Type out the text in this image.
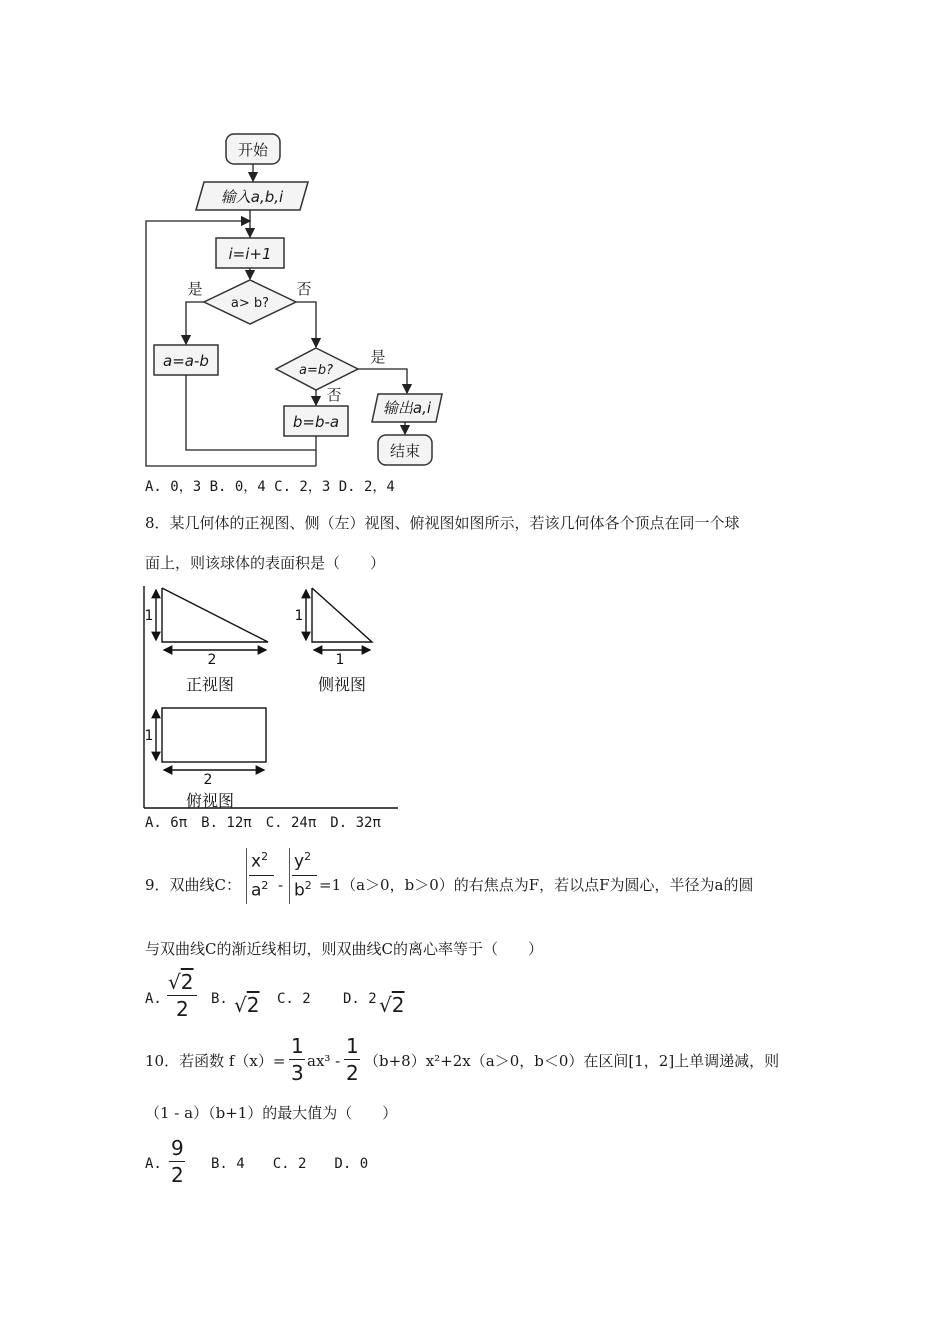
开始
输入a,b,i
i=i+1
a> b?
是	否
a=a-b
a=b?
是
否
b=b-a
输出a,i
结束
A. 0，3 B. 0，4 C. 2，3 D. 2，4
8．某几何体的正视图、侧（左）视图、俯视图如图所示，若该几何体各个顶点在同一个球
面上，则该球体的表面积是（　　）
1
2
1
1
1
2
正视图	侧视图
俯视图
A. 6π　B. 12π　C. 24π　D. 32π
9．双曲线C：
$x^2$
$a^2$ -
$y^2$
$b^2 =1(a>0$，b＞0）的右焦点为F，若以点F为圆心，半径为a的圆
与双曲线C的渐近线相切，则双曲线C的离心率等于（　　）
A.
√2
2 B. √2 C. 2 D. 2 √2
10．若函数 f（x）=
1
3 ax³ -
1
2 （b+8）x²+2x（a＞0，b＜0）在区间[1，2]上单调递减，则
（1 - a）（b+1）的最大值为（　　）
A.
9
2 B. 4　　C. 2　　D. 0
